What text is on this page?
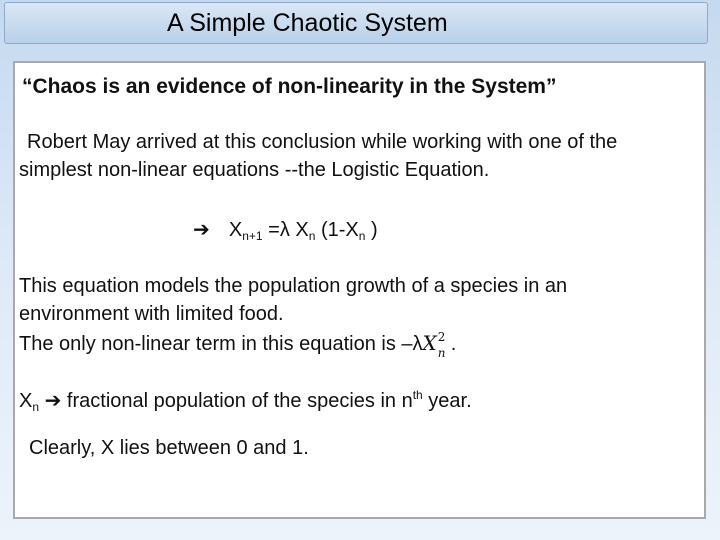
A Simple Chaotic System
“Chaos is an evidence of non-linearity in the System”
Robert May arrived at this conclusion while working with one of the
simplest non-linear equations --the Logistic Equation.
➔ $X_{n+1} =\lambda$ $X_n$ ($1-X_n$ )
This equation models the population growth of a species in an
environment with limited food.
The only non-linear term in this equation is –λX 2
n .
$X_n$ ➔ fractional population of the species in $n^{th}$ year.
Clearly, X lies between 0 and 1.
